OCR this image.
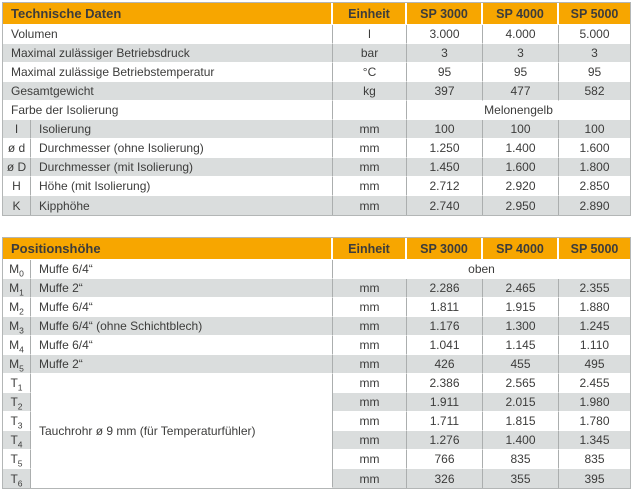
Technische Daten		Einheit	SP 3000	SP 4000	SP 5000
Volumen		l	3.000	4.000	5.000
Maximal zulässiger Betriebsdruck		bar	3	3	3
Maximal zulässige Betriebstemperatur		°C	95	95	95
Gesamtgewicht		kg	397	477	582
Farbe der Isolierung			Melonengelb		
I	Isolierung	mm	100	100	100
ø d	Durchmesser (ohne Isolierung)	mm	1.250	1.400	1.600
ø D	Durchmesser (mit Isolierung)	mm	1.450	1.600	1.800
H	Höhe (mit Isolierung)	mm	2.712	2.920	2.850
K	Kipphöhe	mm	2.740	2.950	2.890
Positionshöhe		Einheit	SP 3000	SP 4000	SP 5000
$M_0$	Muffe 6/4“	oben			
$M_1$	Muffe 2“	mm	2.286	2.465	2.355
$M_2$	Muffe 6/4“	mm	1.811	1.915	1.880
$M_3$	Muffe 6/4“ (ohne Schichtblech)	mm	1.176	1.300	1.245
$M_4$	Muffe 6/4“	mm	1.041	1.145	1.110
$M_5$	Muffe 2“	mm	426	455	495
$T_1$	Tauchrohr ø 9 mm (für Temperaturfühler)	mm	2.386	2.565	2.455
$T_2$		mm	1.911	2.015	1.980
$T_3$		mm	1.711	1.815	1.780
$T_4$		mm	1.276	1.400	1.345
$T_5$		mm	766	835	835
$T_6$		mm	326	355	395
